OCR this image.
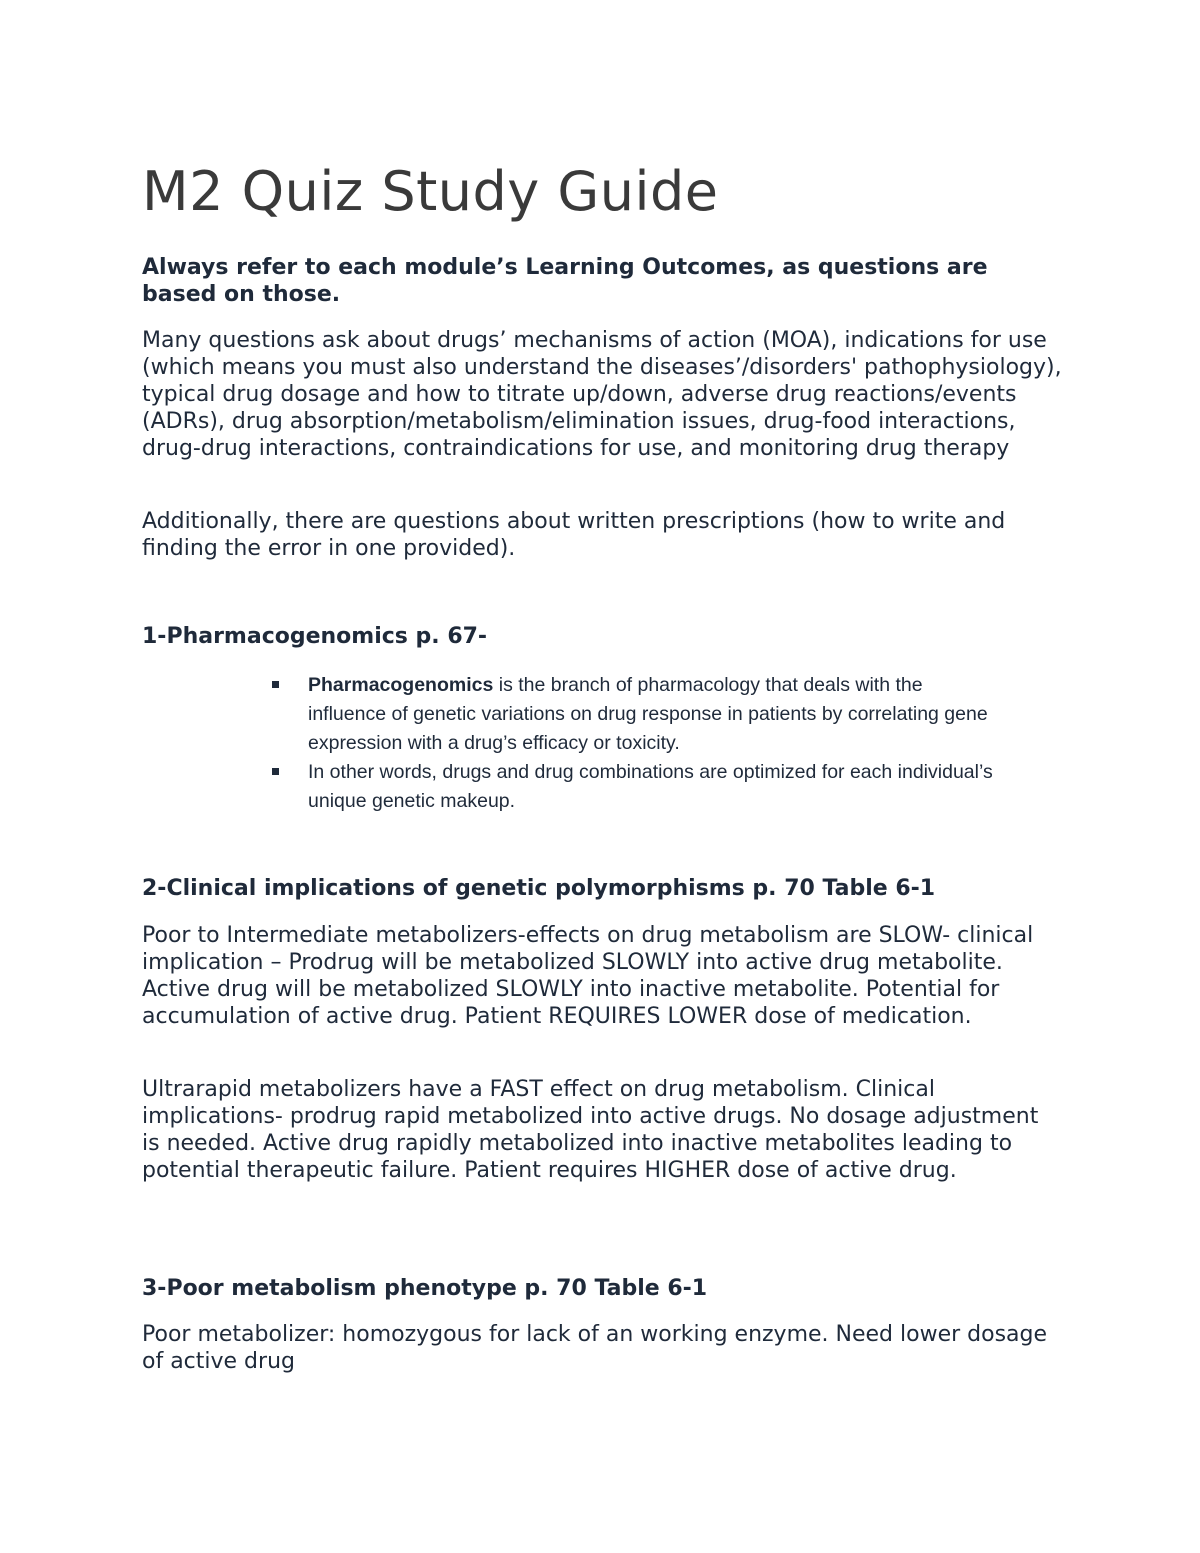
M2 Quiz Study Guide
Always refer to each module’s Learning Outcomes, as questions are based on those.
Many questions ask about drugs’ mechanisms of action (MOA), indications for use (which means you must also understand the diseases’/disorders' pathophysiology), typical drug dosage and how to titrate up/down, adverse drug reactions/events (ADRs), drug absorption/metabolism/elimination issues, drug-food interactions, drug-drug interactions, contraindications for use, and monitoring drug therapy
Additionally, there are questions about written prescriptions (how to write and finding the error in one provided).
1-Pharmacogenomics p. 67-
Pharmacogenomics is the branch of pharmacology that deals with the influence of genetic variations on drug response in patients by correlating gene expression with a drug’s efficacy or toxicity.
In other words, drugs and drug combinations are optimized for each individual’s unique genetic makeup.
2-Clinical implications of genetic polymorphisms p. 70 Table 6-1
Poor to Intermediate metabolizers-effects on drug metabolism are SLOW- clinical implication – Prodrug will be metabolized SLOWLY into active drug metabolite. Active drug will be metabolized SLOWLY into inactive metabolite. Potential for accumulation of active drug. Patient REQUIRES LOWER dose of medication.
Ultrarapid metabolizers have a FAST effect on drug metabolism. Clinical implications- prodrug rapid metabolized into active drugs. No dosage adjustment is needed. Active drug rapidly metabolized into inactive metabolites leading to potential therapeutic failure. Patient requires HIGHER dose of active drug.
3-Poor metabolism phenotype p. 70 Table 6-1
Poor metabolizer: homozygous for lack of an working enzyme. Need lower dosage of active drug
